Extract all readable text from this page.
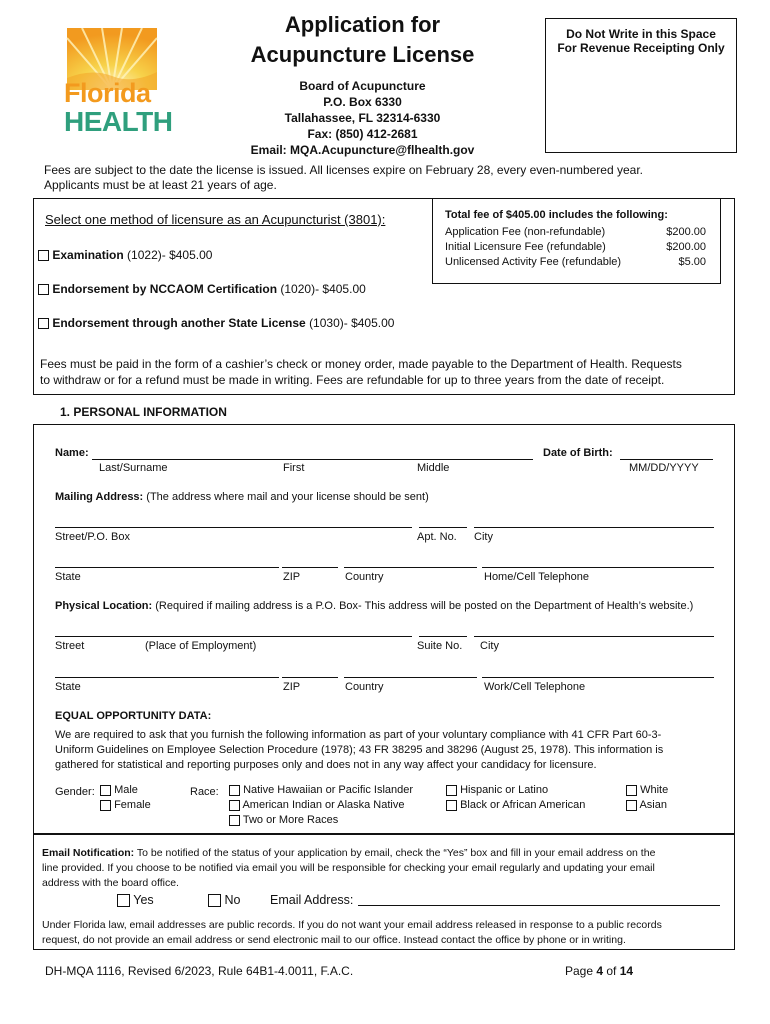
Florida
HEALTH
Application for
Acupuncture License
Board of Acupuncture
P.O. Box 6330
Tallahassee, FL 32314-6330
Fax: (850) 412-2681
Email: MQA.Acupuncture@flhealth.gov
Do Not Write in this Space
For Revenue Receipting Only
Fees are subject to the date the license is issued. All licenses expire on February 28, every even-numbered year.
Applicants must be at least 21 years of age.
Select one method of licensure as an Acupuncturist (3801):	Total fee of $405.00 includes the following:
Application Fee (non-refundable)	$200.00
Initial Licensure Fee (refundable)	$200.00
Unlicensed Activity Fee (refundable)	$5.00
Examination (1022)- $405.00
Endorsement by NCCAOM Certification (1020)- $405.00
Endorsement through another State License (1030)- $405.00
Fees must be paid in the form of a cashier’s check or money order, made payable to the Department of Health. Requests
to withdraw or for a refund must be made in writing. Fees are refundable for up to three years from the date of receipt.
1. PERSONAL INFORMATION
Name:	Date of Birth:
Last/Surname	First	Middle	MM/DD/YYYY
Mailing Address: (The address where mail and your license should be sent)
Street/P.O. Box	Apt. No. City
State	ZIP	Country	Home/Cell Telephone
Physical Location: (Required if mailing address is a P.O. Box- This address will be posted on the Department of Health’s website.)
Street	(Place of Employment)	Suite No. City
State	ZIP	Country	Work/Cell Telephone
EQUAL OPPORTUNITY DATA:
We are required to ask that you furnish the following information as part of your voluntary compliance with 41 CFR Part 60-3-
Uniform Guidelines on Employee Selection Procedure (1978); 43 FR 38295 and 38296 (August 25, 1978). This information is
gathered for statistical and reporting purposes only and does not in any way affect your candidacy for licensure.
Gender:	Male
Female
Race:	Native Hawaiian or Pacific Islander
American Indian or Alaska Native
Two or More Races
Hispanic or Latino
Black or African American
White
Asian
Email Notification: To be notified of the status of your application by email, check the “Yes” box and fill in your email address on the
line provided. If you choose to be notified via email you will be responsible for checking your email regularly and updating your email
address with the board office.
Yes	No Email Address:
Under Florida law, email addresses are public records. If you do not want your email address released in response to a public records
request, do not provide an email address or send electronic mail to our office. Instead contact the office by phone or in writing.
DH-MQA 1116, Revised 6/2023, Rule 64B1-4.0011, F.A.C.	Page 4 of 14
